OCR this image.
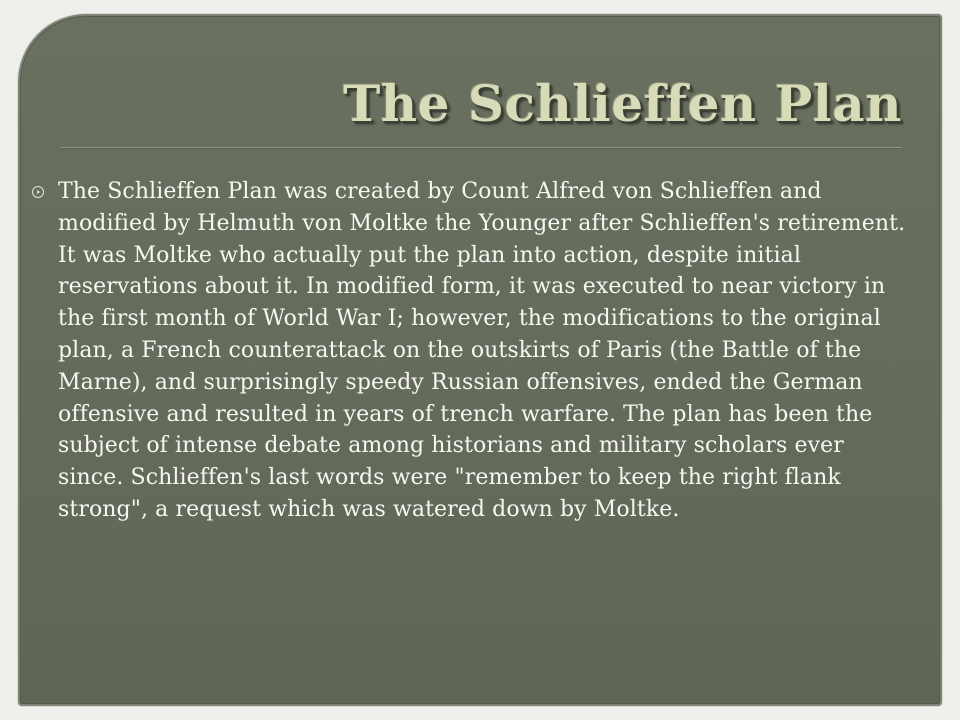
The Schlieffen Plan

The Schlieffen Plan was created by Count Alfred von Schlieffen and modified by Helmuth von Moltke the Younger after Schlieffen's retirement. It was Moltke who actually put the plan into action, despite initial reservations about it. In modified form, it was executed to near victory in the first month of World War I; however, the modifications to the original plan, a French counterattack on the outskirts of Paris (the Battle of the Marne), and surprisingly speedy Russian offensives, ended the German offensive and resulted in years of trench warfare. The plan has been the subject of intense debate among historians and military scholars ever since. Schlieffen's last words were "remember to keep the right flank strong", a request which was watered down by Moltke.
